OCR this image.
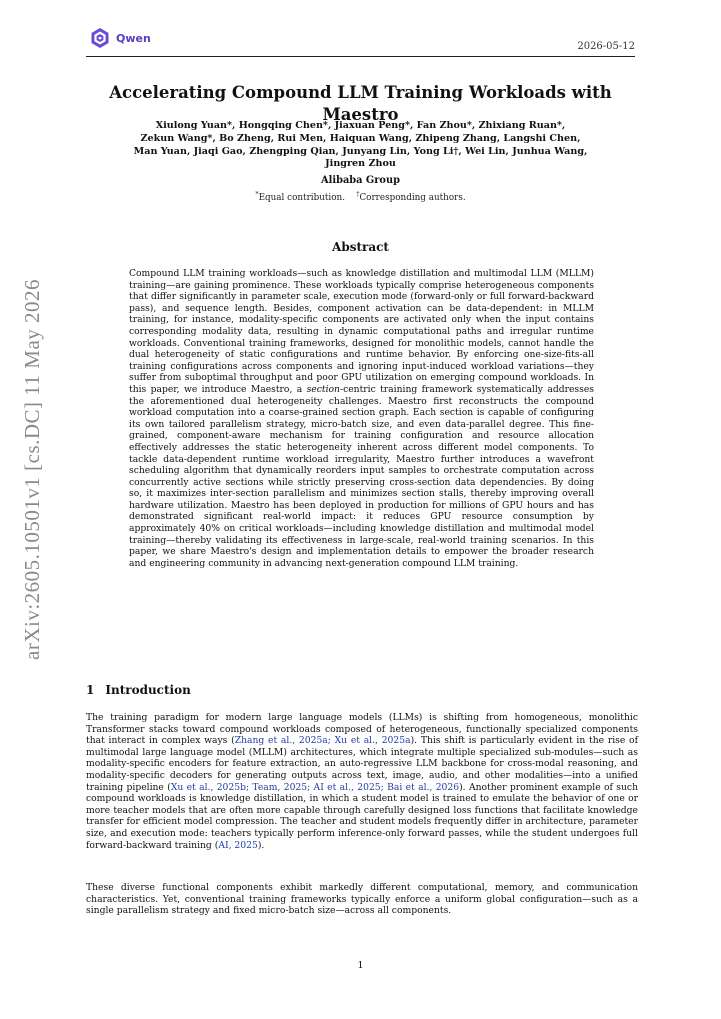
Qwen
2026-05-12
arXiv:2605.10501v1 [cs.DC] 11 May 2026
Accelerating Compound LLM Training Workloads with Maestro
Xiulong Yuan*, Hongqing Chen*, Jiaxuan Peng*, Fan Zhou*, Zhixiang Ruan*,
Zekun Wang*, Bo Zheng, Rui Men, Haiquan Wang, Zhipeng Zhang, Langshi Chen,
Man Yuan, Jiaqi Gao, Zhengping Qian, Junyang Lin, Yong Li†, Wei Lin, Junhua Wang,
Jingren Zhou
Alibaba Group
*Equal contribution. †Corresponding authors.
Abstract
Compound LLM training workloads—such as knowledge distillation and multimodal LLM (MLLM) training—are gaining prominence. These workloads typically comprise heterogeneous components that differ significantly in parameter scale, execution mode (forward-only or full forward-backward pass), and sequence length. Besides, component activation can be data-dependent: in MLLM training, for instance, modality-specific components are activated only when the input contains corresponding modality data, resulting in dynamic computational paths and irregular runtime workloads. Conventional training frameworks, designed for monolithic models, cannot handle the dual heterogeneity of static configurations and runtime behavior. By enforcing one-size-fits-all training configurations across components and ignoring input-induced workload variations—they suffer from suboptimal throughput and poor GPU utilization on emerging compound workloads. In this paper, we introduce Maestro, a section-centric training framework systematically addresses the aforementioned dual heterogeneity challenges. Maestro first reconstructs the compound workload computation into a coarse-grained section graph. Each section is capable of configuring its own tailored parallelism strategy, micro-batch size, and even data-parallel degree. This fine-grained, component-aware mechanism for training configuration and resource allocation effectively addresses the static heterogeneity inherent across different model components. To tackle data-dependent runtime workload irregularity, Maestro further introduces a wavefront scheduling algorithm that dynamically reorders input samples to orchestrate computation across concurrently active sections while strictly preserving cross-section data dependencies. By doing so, it maximizes inter-section parallelism and minimizes section stalls, thereby improving overall hardware utilization. Maestro has been deployed in production for millions of GPU hours and has demonstrated significant real-world impact: it reduces GPU resource consumption by approximately 40% on critical workloads—including knowledge distillation and multimodal model training—thereby validating its effectiveness in large-scale, real-world training scenarios. In this paper, we share Maestro's design and implementation details to empower the broader research and engineering community in advancing next-generation compound LLM training.
1 Introduction
The training paradigm for modern large language models (LLMs) is shifting from homogeneous, monolithic Transformer stacks toward compound workloads composed of heterogeneous, functionally specialized components that interact in complex ways (Zhang et al., 2025a; Xu et al., 2025a). This shift is particularly evident in the rise of multimodal large language model (MLLM) architectures, which integrate multiple specialized sub-modules—such as modality-specific encoders for feature extraction, an auto-regressive LLM backbone for cross-modal reasoning, and modality-specific decoders for generating outputs across text, image, audio, and other modalities—into a unified training pipeline (Xu et al., 2025b; Team, 2025; AI et al., 2025; Bai et al., 2026). Another prominent example of such compound workloads is knowledge distillation, in which a student model is trained to emulate the behavior of one or more teacher models that are often more capable through carefully designed loss functions that facilitate knowledge transfer for efficient model compression. The teacher and student models frequently differ in architecture, parameter size, and execution mode: teachers typically perform inference-only forward passes, while the student undergoes full forward-backward training (AI, 2025).
These diverse functional components exhibit markedly different computational, memory, and communication characteristics. Yet, conventional training frameworks typically enforce a uniform global configuration—such as a single parallelism strategy and fixed micro-batch size—across all components.
1
